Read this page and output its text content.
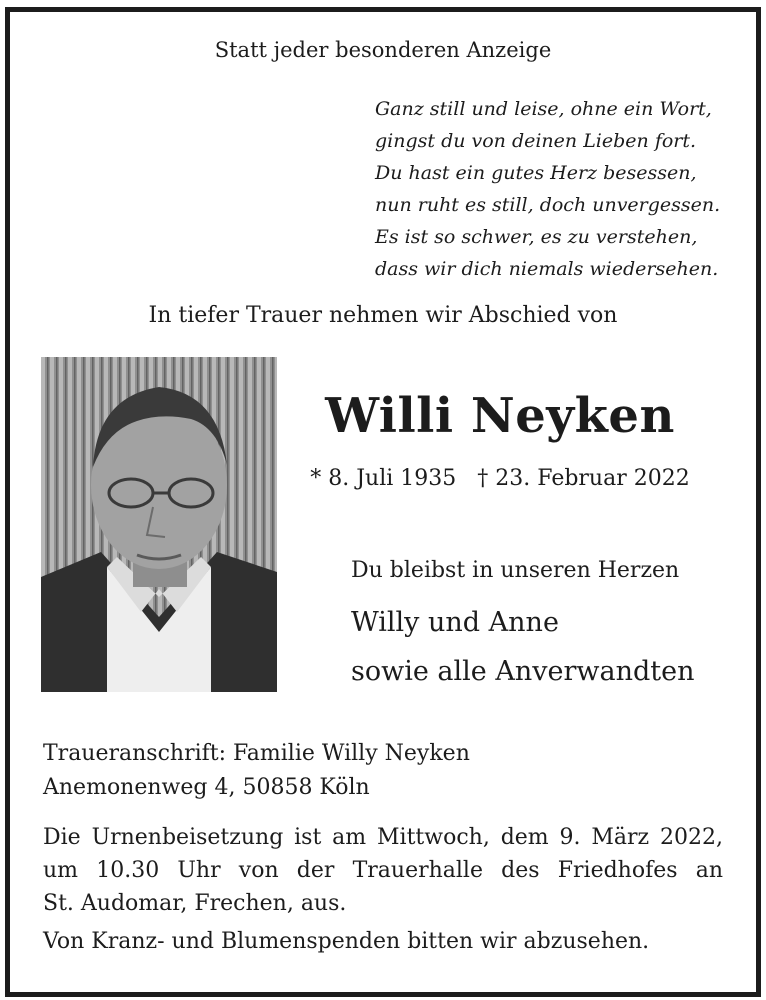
Statt jeder besonderen Anzeige
Ganz still und leise, ohne ein Wort,
gingst du von deinen Lieben fort.
Du hast ein gutes Herz besessen,
nun ruht es still, doch unvergessen.
Es ist so schwer, es zu verstehen,
dass wir dich niemals wiedersehen.
In tiefer Trauer nehmen wir Abschied von
Willi Neyken
* 8. Juli 1935 † 23. Februar 2022
Du bleibst in unseren Herzen
Willy und Anne
sowie alle Anverwandten
Traueranschrift: Familie Willy Neyken
Anemonenweg 4, 50858 Köln
Die Urnenbeisetzung ist am Mittwoch, dem 9. März 2022,
um 10.30 Uhr von der Trauerhalle des Friedhofes an
St. Audomar, Frechen, aus.
Von Kranz- und Blumenspenden bitten wir abzusehen.
